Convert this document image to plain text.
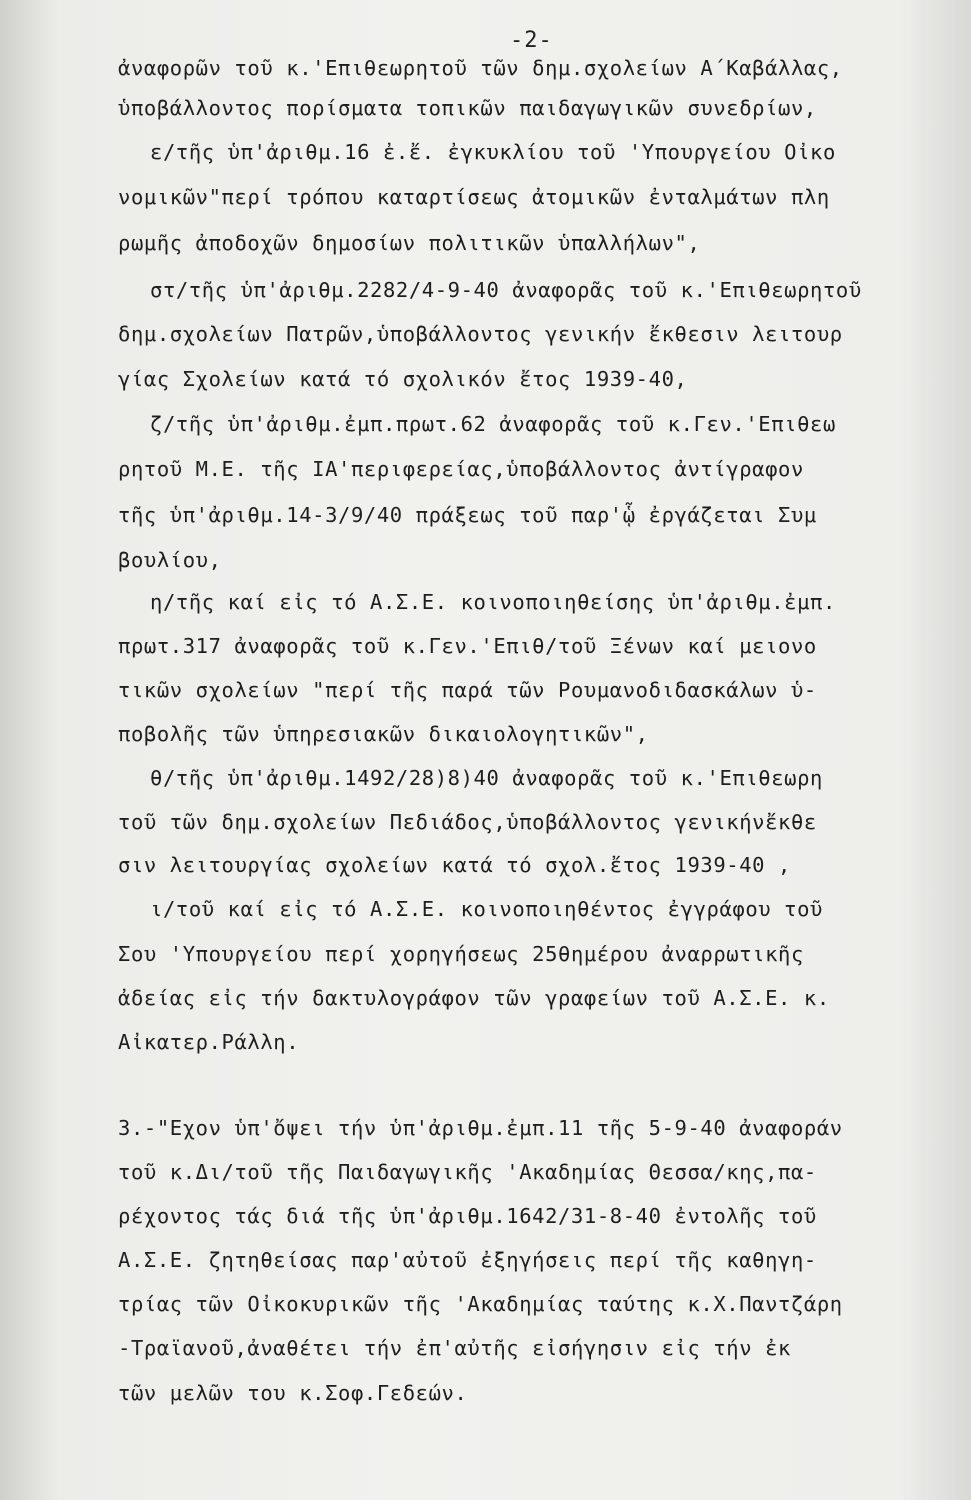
-2-
ἀναφορῶν τοῦ κ.'Επιθεωρητοῦ τῶν δημ.σχολείων Α΄Καβάλλας,
ὑποβάλλοντος πορίσματα τοπικῶν παιδαγωγικῶν συνεδρίων,
ε/τῆς ὑπ'ἀριθμ.16 ἐ.ἔ. ἐγκυκλίου τοῦ 'Υπουργείου Οἰκο
νομικῶν"περί τρόπου καταρτίσεως ἀτομικῶν ἐνταλμάτων πλη
ρωμῆς ἀποδοχῶν δημοσίων πολιτικῶν ὑπαλλήλων",
στ/τῆς ὑπ'ἀριθμ.2282/4-9-40 ἀναφορᾶς τοῦ κ.'Επιθεωρητοῦ
δημ.σχολείων Πατρῶν,ὑποβάλλοντος γενικήν ἔκθεσιν λειτουρ
γίας Σχολείων κατά τό σχολικόν ἔτος 1939-40,
ζ/τῆς ὑπ'ἀριθμ.ἐμπ.πρωτ.62 ἀναφορᾶς τοῦ κ.Γεν.'Επιθεω
ρητοῦ Μ.Ε. τῆς ΙΑ'περιφερείας,ὑποβάλλοντος ἀντίγραφον
τῆς ὑπ'ἀριθμ.14-3/9/40 πράξεως τοῦ παρ'ᾧ ἐργάζεται Συμ
βουλίου,
η/τῆς καί εἰς τό Α.Σ.Ε. κοινοποιηθείσης ὑπ'ἀριθμ.ἐμπ.
πρωτ.317 ἀναφορᾶς τοῦ κ.Γεν.'Επιθ/τοῦ Ξένων καί μειονο
τικῶν σχολείων "περί τῆς παρά τῶν Ρουμανοδιδασκάλων ὑ-
ποβολῆς τῶν ὑπηρεσιακῶν δικαιολογητικῶν",
θ/τῆς ὑπ'ἀριθμ.1492/28)8)40 ἀναφορᾶς τοῦ κ.'Επιθεωρη
τοῦ τῶν δημ.σχολείων Πεδιάδος,ὑποβάλλοντος γενικήνἔκθε
σιν λειτουργίας σχολείων κατά τό σχολ.ἔτος 1939-40 ,
ι/τοῦ καί εἰς τό Α.Σ.Ε. κοινοποιηθέντος ἐγγράφου τοῦ
Σου 'Υπουργείου περί χορηγήσεως 25θημέρου ἀναρρωτικῆς
ἀδείας εἰς τήν δακτυλογράφον τῶν γραφείων τοῦ Α.Σ.Ε. κ.
Αἰκατερ.Ράλλη.
3.-"Εχον ὑπ'ὄψει τήν ὑπ'ἀριθμ.ἐμπ.11 τῆς 5-9-40 ἀναφοράν
τοῦ κ.Δι/τοῦ τῆς Παιδαγωγικῆς 'Ακαδημίας Θεσσα/κης,πα-
ρέχοντος τάς διά τῆς ὑπ'ἀριθμ.1642/31-8-40 ἐντολῆς τοῦ
Α.Σ.Ε. ζητηθείσας παρ'αὐτοῦ ἐξηγήσεις περί τῆς καθηγη-
τρίας τῶν Οἰκοκυρικῶν τῆς 'Ακαδημίας ταύτης κ.Χ.Παντζάρη
-Τραϊανοῦ,ἀναθέτει τήν ἐπ'αὐτῆς εἰσήγησιν εἰς τήν ἐκ
τῶν μελῶν του κ.Σοφ.Γεδεών.
